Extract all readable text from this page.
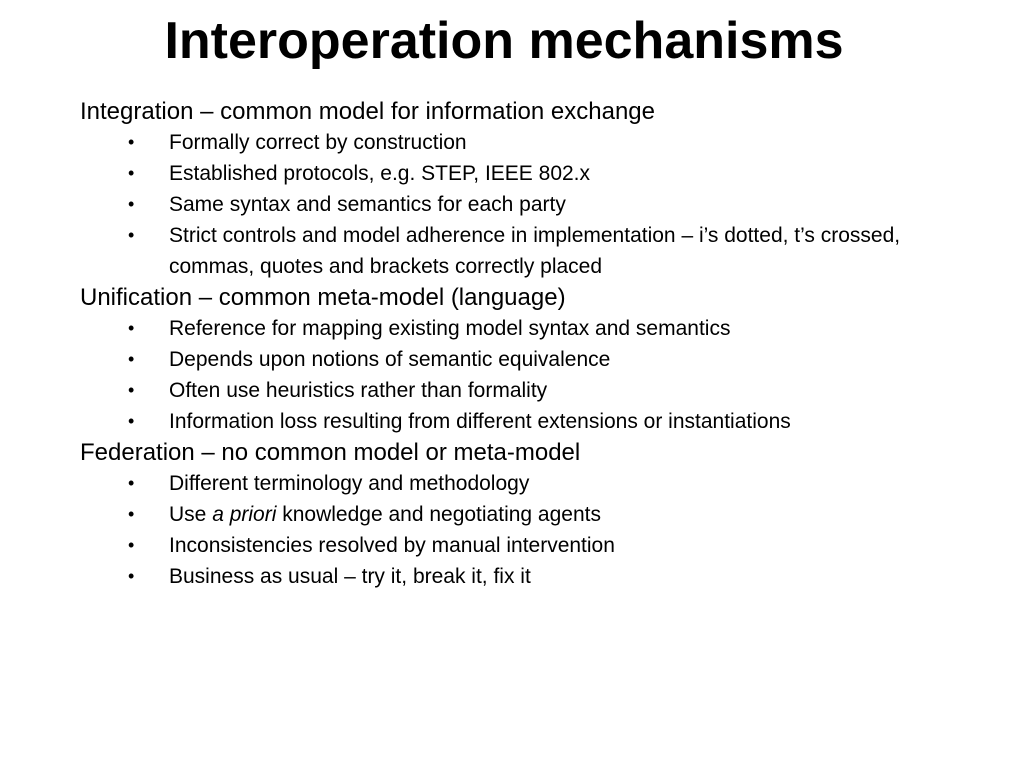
Interoperation mechanisms

Integration – common model for information exchange

• Formally correct by construction
• Established protocols, e.g. STEP, IEEE 802.x
• Same syntax and semantics for each party
• Strict controls and model adherence in implementation – i’s dotted, t’s crossed, commas, quotes and brackets correctly placed

Unification – common meta-model (language)

• Reference for mapping existing model syntax and semantics
• Depends upon notions of semantic equivalence
• Often use heuristics rather than formality
• Information loss resulting from different extensions or instantiations

Federation – no common model or meta-model

• Different terminology and methodology
• Use a priori knowledge and negotiating agents
• Inconsistencies resolved by manual intervention
• Business as usual – try it, break it, fix it
